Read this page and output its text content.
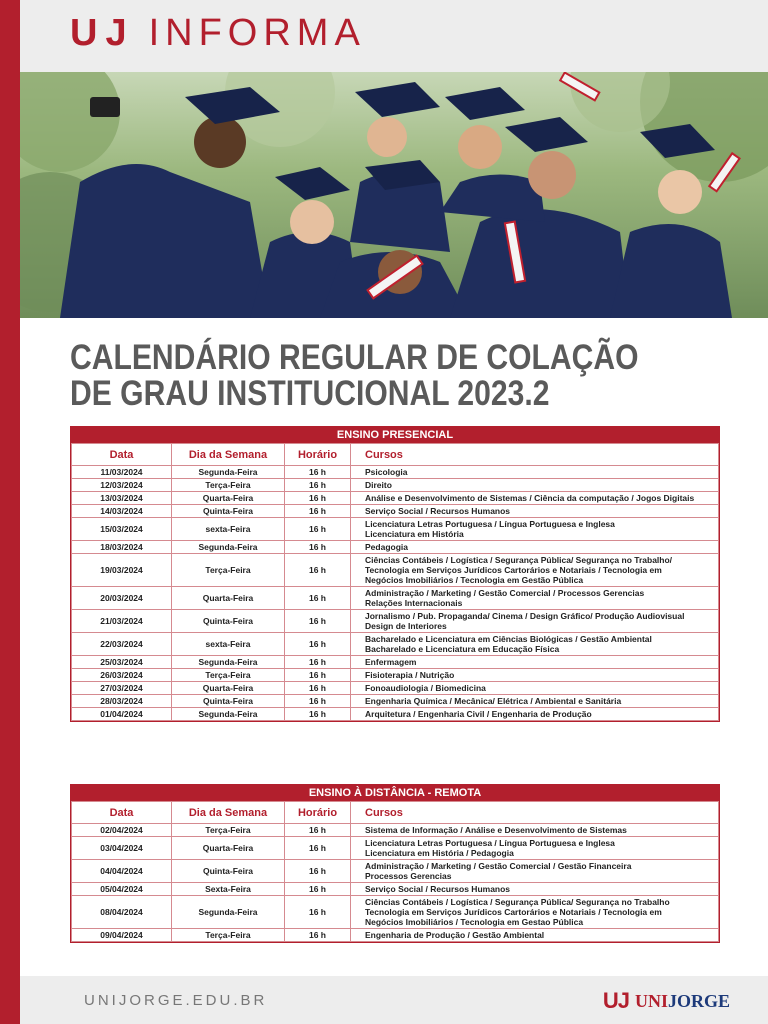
UJ INFORMA
CALENDÁRIO REGULAR DE COLAÇÃO
DE GRAU INSTITUCIONAL 2023.2
ENSINO PRESENCIAL
Data	Dia da Semana	Horário	Cursos
11/03/2024	Segunda-Feira	16 h	Psicologia
12/03/2024	Terça-Feira	16 h	Direito
13/03/2024	Quarta-Feira	16 h	Análise e Desenvolvimento de Sistemas / Ciência da computação / Jogos Digitais
14/03/2024	Quinta-Feira	16 h	Serviço Social / Recursos Humanos
15/03/2024	sexta-Feira	16 h	Licenciatura Letras Portuguesa / Língua Portuguesa e Inglesa
Licenciatura em História
18/03/2024	Segunda-Feira	16 h	Pedagogia
19/03/2024	Terça-Feira	16 h	Ciências Contábeis / Logística / Segurança Pública/ Segurança no Trabalho/
Tecnologia em Serviços Jurídicos Cartorários e Notariais / Tecnologia em
Negócios Imobiliários / Tecnologia em Gestão Pública
20/03/2024	Quarta-Feira	16 h	Administração / Marketing / Gestão Comercial / Processos Gerencias
Relações Internacionais
21/03/2024	Quinta-Feira	16 h	Jornalismo / Pub. Propaganda/ Cinema / Design Gráfico/ Produção Audiovisual
Design de Interiores
22/03/2024	sexta-Feira	16 h	Bacharelado e Licenciatura em Ciências Biológicas / Gestão Ambiental
Bacharelado e Licenciatura em Educação Física
25/03/2024	Segunda-Feira	16 h	Enfermagem
26/03/2024	Terça-Feira	16 h	Fisioterapia / Nutrição
27/03/2024	Quarta-Feira	16 h	Fonoaudiologia / Biomedicina
28/03/2024	Quinta-Feira	16 h	Engenharia Química / Mecânica/ Elétrica / Ambiental e Sanitária
01/04/2024	Segunda-Feira	16 h	Arquitetura / Engenharia Civil / Engenharia de Produção
ENSINO À DISTÂNCIA - REMOTA
Data	Dia da Semana	Horário	Cursos
02/04/2024	Terça-Feira	16 h	Sistema de Informação / Análise e Desenvolvimento de Sistemas
03/04/2024	Quarta-Feira	16 h	Licenciatura Letras Portuguesa / Língua Portuguesa e Inglesa
Licenciatura em História / Pedagogia
04/04/2024	Quinta-Feira	16 h	Administração / Marketing / Gestão Comercial / Gestão Financeira
Processos Gerencias
05/04/2024	Sexta-Feira	16 h	Serviço Social / Recursos Humanos
08/04/2024	Segunda-Feira	16 h	Ciências Contábeis / Logística / Segurança Pública/ Segurança no Trabalho
Tecnologia em Serviços Jurídicos Cartorários e Notariais / Tecnologia em
Negócios Imobiliários / Tecnologia em Gestao Pública
09/04/2024	Terça-Feira	16 h	Engenharia de Produção / Gestão Ambiental
UNIJORGE.EDU.BR	UJ UNIJORGE
